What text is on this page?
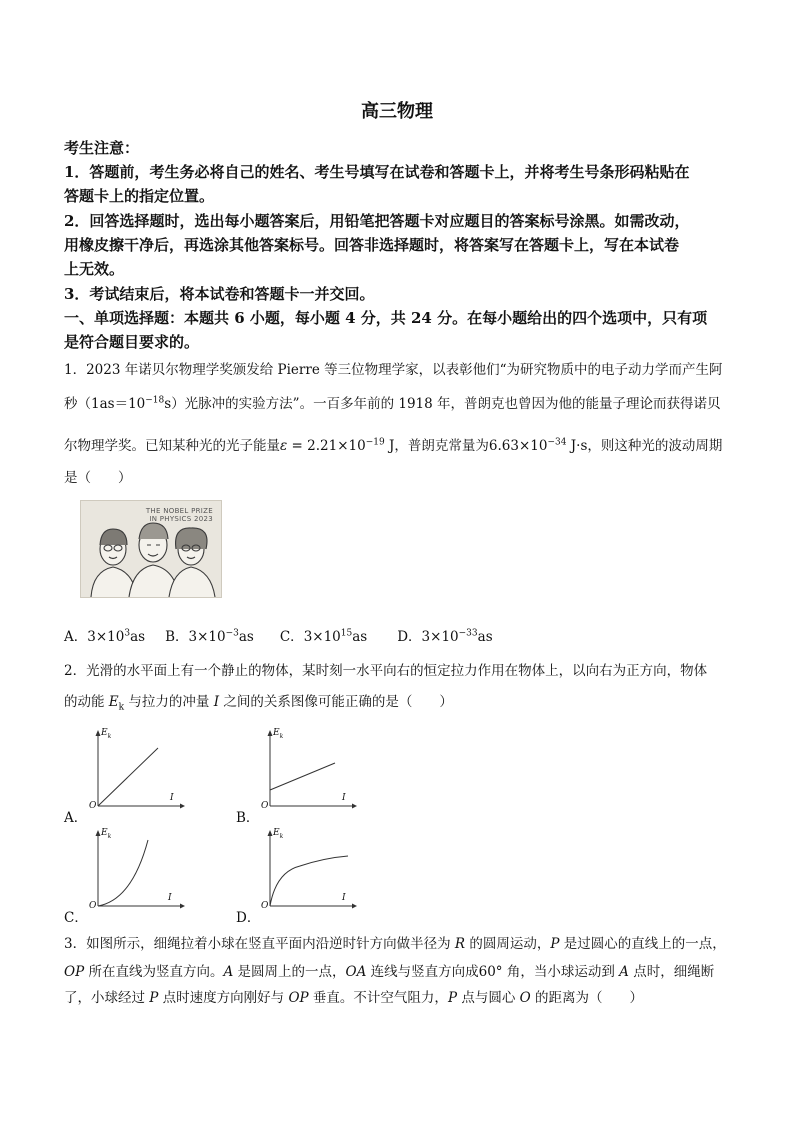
高三物理
考生注意：
1．答题前，考生务必将自己的姓名、考生号填写在试卷和答题卡上，并将考生号条形码粘贴在
答题卡上的指定位置。
2．回答选择题时，选出每小题答案后，用铅笔把答题卡对应题目的答案标号涂黑。如需改动，
用橡皮擦干净后，再选涂其他答案标号。回答非选择题时，将答案写在答题卡上，写在本试卷
上无效。
3．考试结束后，将本试卷和答题卡一并交回。
一、单项选择题：本题共 6 小题，每小题 4 分，共 24 分。在每小题给出的四个选项中，只有项
是符合题目要求的。
1．2023 年诺贝尔物理学奖颁发给 Pierre 等三位物理学家，以表彰他们“为研究物质中的电子动力学而产生阿
秒$(1as=10^{-18}s)$光脉冲的实验方法”。一百多年前的 1918 年，普朗克也曾因为他的能量子理论而获得诺贝
尔物理学奖。已知某种光的光子能量$\varepsilon = 2.21\times 10^{-19}$ J，普朗克常量为$6.63\times 10^{-34}$ J·s，则这种光的波动周期
是（　　）
THE NOBEL PRIZE
IN PHYSICS 2023
A．$3\times 10^3as$ B．$3\times 10^{-3}as$ C．$3\times 10^{15}as$ D．$3\times 10^{-33}as$
2．光滑的水平面上有一个静止的物体，某时刻一水平向右的恒定拉力作用在物体上，以向右为正方向，物体
的动能 $E_k$ 与拉力的冲量 I 之间的关系图像可能正确的是（　　）
A．
$E_k$
O
I
B．
$E_k$
O
I
C．
$E_k$
O
I
D．
$E_k$
O
I
3．如图所示，细绳拉着小球在竖直平面内沿逆时针方向做半径为 R 的圆周运动，P 是过圆心的直线上的一点，
OP 所在直线为竖直方向。A 是圆周上的一点，OA 连线与竖直方向成60° 角，当小球运动到 A 点时，细绳断
了，小球经过 P 点时速度方向刚好与 OP 垂直。不计空气阻力，P 点与圆心 O 的距离为（　　）
